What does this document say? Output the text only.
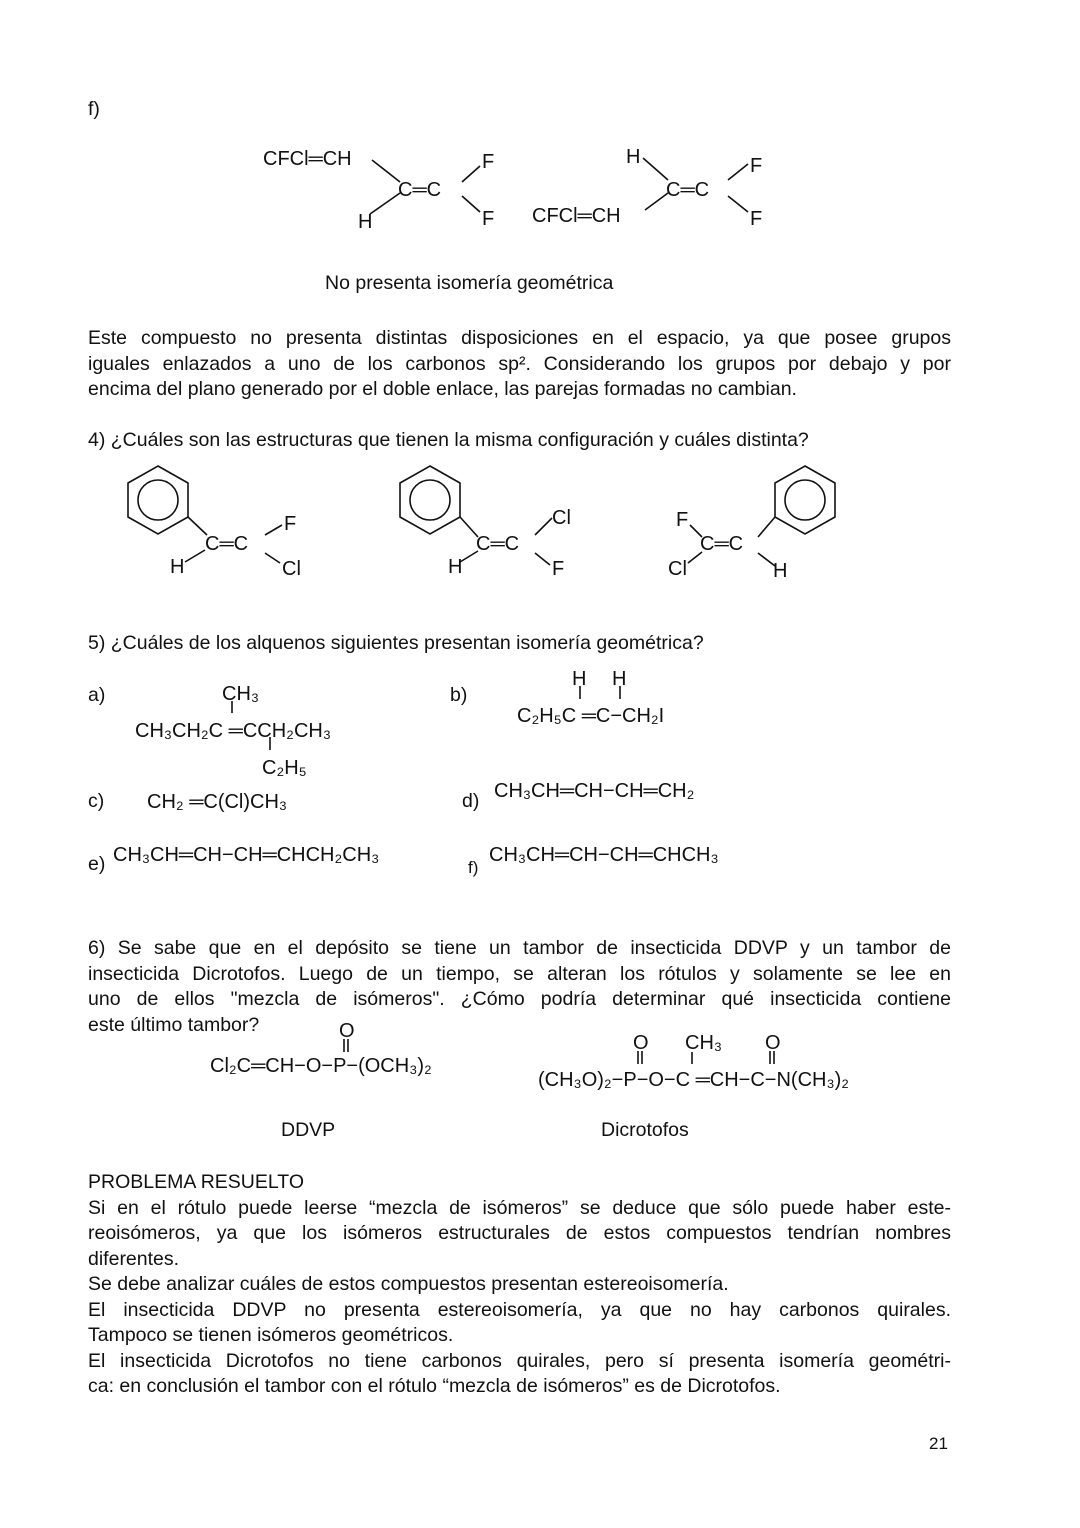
f)
CFCl═CH
H
C═C
F
F
H
CFCl═CH
C═C
F
F
C═C
H
F
Cl
C═C
H
Cl
F
C═C
F
Cl	H
CH₃
CH₃CH₂C ═CCH₂CH₃
C₂H₅
H H
C₂H₅C ═C−CH₂I
CH₂ ═C(Cl)CH₃	CH₃CH═CH−CH═CH₂
CH₃CH═CH−CH═CHCH₂CH₃	CH₃CH═CH−CH═CHCH₃
O
Cl₂C═CH−O−P−(OCH₃)₂
O CH₃ O
(CH₃O)₂−P−O−C ═CH−C−N(CH₃)₂
No presenta isomería geométrica
Este compuesto no presenta distintas disposiciones en el espacio, ya que posee grupos
iguales enlazados a uno de los carbonos sp². Considerando los grupos por debajo y por
encima del plano generado por el doble enlace, las parejas formadas no cambian.
4) ¿Cuáles son las estructuras que tienen la misma configuración y cuáles distinta?
5) ¿Cuáles de los alquenos siguientes presentan isomería geométrica?
a)	b)
c)	d)
e)	f)
6) Se sabe que en el depósito se tiene un tambor de insecticida DDVP y un tambor de
insecticida Dicrotofos. Luego de un tiempo, se alteran los rótulos y solamente se lee en
uno de ellos "mezcla de isómeros". ¿Cómo podría determinar qué insecticida contiene
este último tambor?
DDVP	Dicrotofos
PROBLEMA RESUELTO
Si en el rótulo puede leerse “mezcla de isómeros” se deduce que sólo puede haber este-
reoisómeros, ya que los isómeros estructurales de estos compuestos tendrían nombres
diferentes.
Se debe analizar cuáles de estos compuestos presentan estereoisomería.
El insecticida DDVP no presenta estereoisomería, ya que no hay carbonos quirales.
Tampoco se tienen isómeros geométricos.
El insecticida Dicrotofos no tiene carbonos quirales, pero sí presenta isomería geométri-
ca: en conclusión el tambor con el rótulo “mezcla de isómeros” es de Dicrotofos.
21
